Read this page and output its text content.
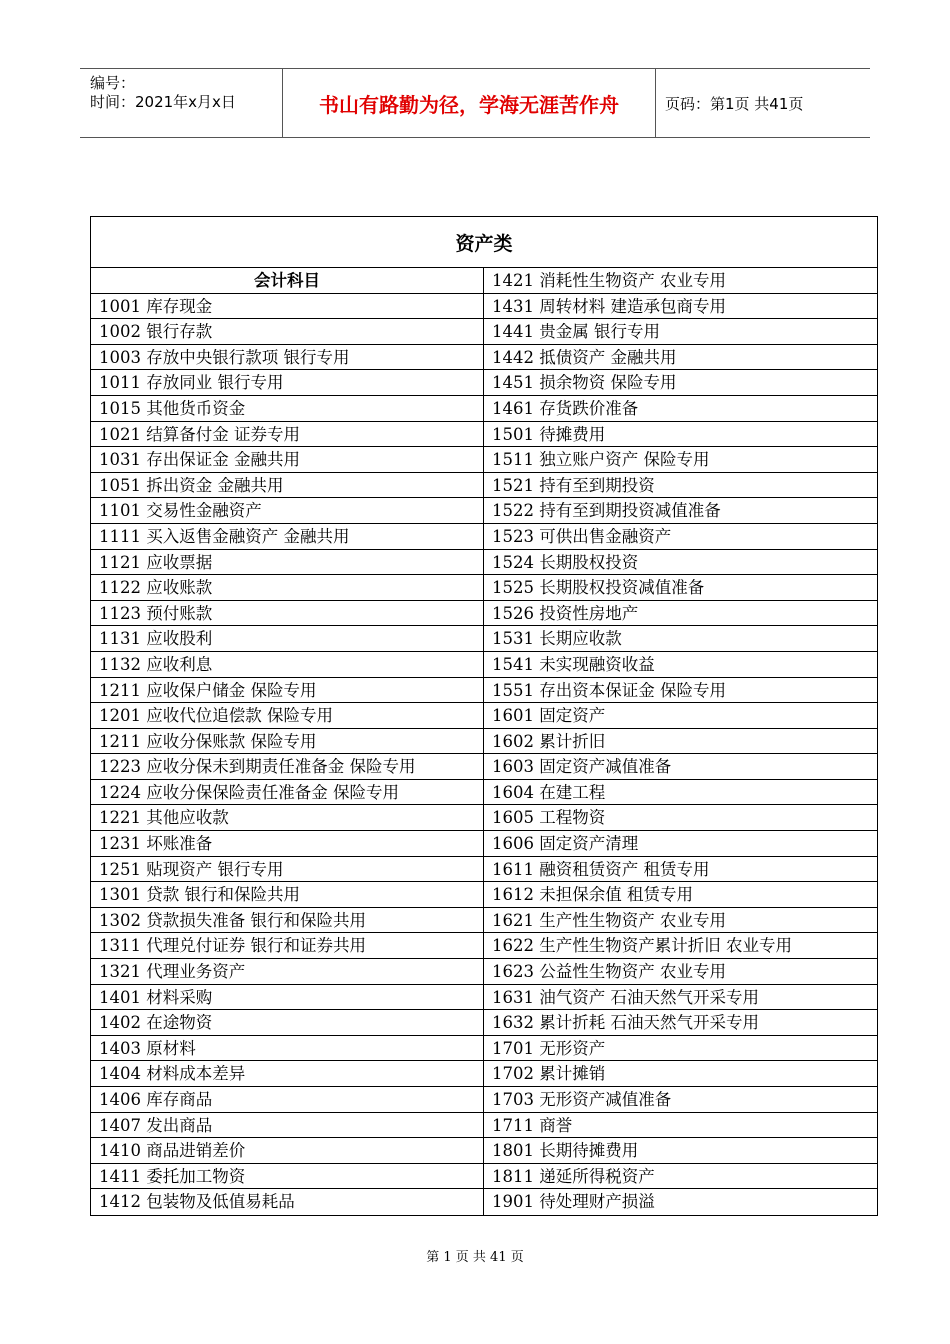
编号：
时间：2021年x月x日	书山有路勤为径，学海无涯苦作舟	页码：第1页 共41页
资产类
会计科目
1001 库存现金
1002 银行存款
1003 存放中央银行款项 银行专用
1011 存放同业 银行专用
1015 其他货币资金
1021 结算备付金 证券专用
1031 存出保证金 金融共用
1051 拆出资金 金融共用
1101 交易性金融资产
1111 买入返售金融资产 金融共用
1121 应收票据
1122 应收账款
1123 预付账款
1131 应收股利
1132 应收利息
1211 应收保户储金 保险专用
1201 应收代位追偿款 保险专用
1211 应收分保账款 保险专用
1223 应收分保未到期责任准备金 保险专用
1224 应收分保保险责任准备金 保险专用
1221 其他应收款
1231 坏账准备
1251 贴现资产 银行专用
1301 贷款 银行和保险共用
1302 贷款损失准备 银行和保险共用
1311 代理兑付证券 银行和证券共用
1321 代理业务资产
1401 材料采购
1402 在途物资
1403 原材料
1404 材料成本差异
1406 库存商品
1407 发出商品
1410 商品进销差价
1411 委托加工物资
1412 包装物及低值易耗品
1421 消耗性生物资产 农业专用
1431 周转材料 建造承包商专用
1441 贵金属 银行专用
1442 抵债资产 金融共用
1451 损余物资 保险专用
1461 存货跌价准备
1501 待摊费用
1511 独立账户资产 保险专用
1521 持有至到期投资
1522 持有至到期投资减值准备
1523 可供出售金融资产
1524 长期股权投资
1525 长期股权投资减值准备
1526 投资性房地产
1531 长期应收款
1541 未实现融资收益
1551 存出资本保证金 保险专用
1601 固定资产
1602 累计折旧
1603 固定资产减值准备
1604 在建工程
1605 工程物资
1606 固定资产清理
1611 融资租赁资产 租赁专用
1612 未担保余值 租赁专用
1621 生产性生物资产 农业专用
1622 生产性生物资产累计折旧 农业专用
1623 公益性生物资产 农业专用
1631 油气资产 石油天然气开采专用
1632 累计折耗 石油天然气开采专用
1701 无形资产
1702 累计摊销
1703 无形资产减值准备
1711 商誉
1801 长期待摊费用
1811 递延所得税资产
1901 待处理财产损溢
第 1 页 共 41 页
